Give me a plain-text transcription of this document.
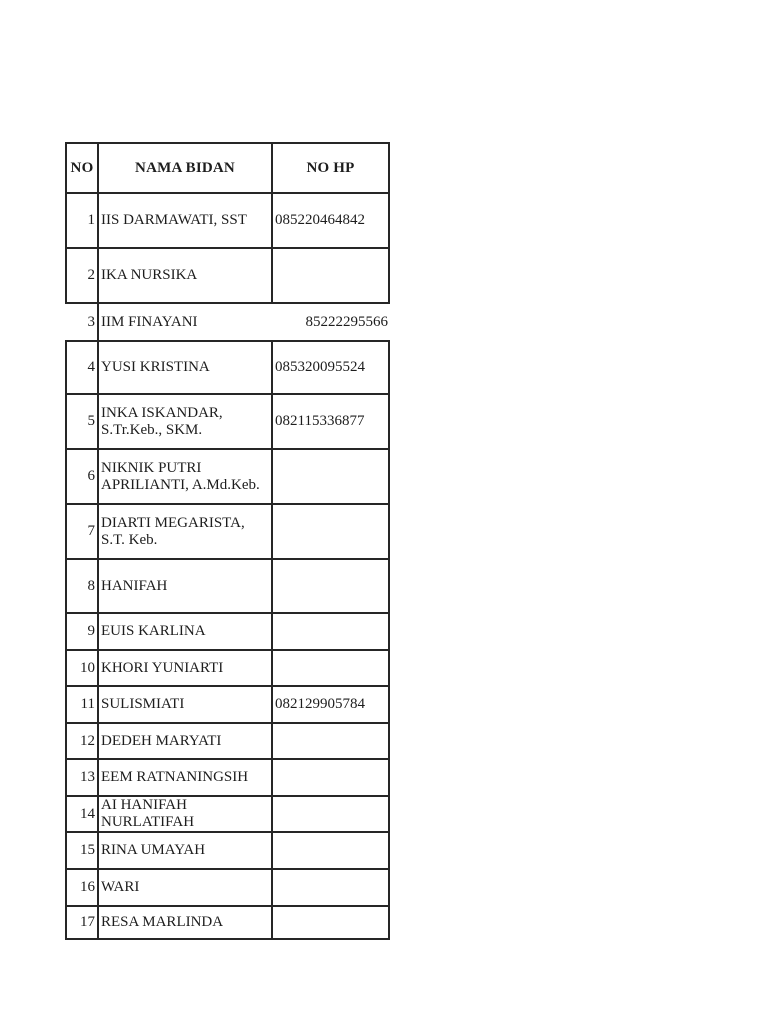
NO	NAMA BIDAN	NO HP
1	IIS DARMAWATI, SST	085220464842
2	IKA NURSIKA	
3	IIM FINAYANI 85222295566	

4	YUSI KRISTINA	085320095524
5	INKA ISKANDAR, S.Tr.Keb., SKM.	082115336877
6	NIKNIK PUTRI APRILIANTI, A.Md.Keb.	
7	DIARTI MEGARISTA, S.T. Keb.	
8	HANIFAH	
9	EUIS KARLINA	
10	KHORI YUNIARTI	
11	SULISMIATI	082129905784
12	DEDEH MARYATI	
13	EEM RATNANINGSIH	
14	AI HANIFAH NURLATIFAH	
15	RINA UMAYAH	
16	WARI	
17	RESA MARLINDA	
